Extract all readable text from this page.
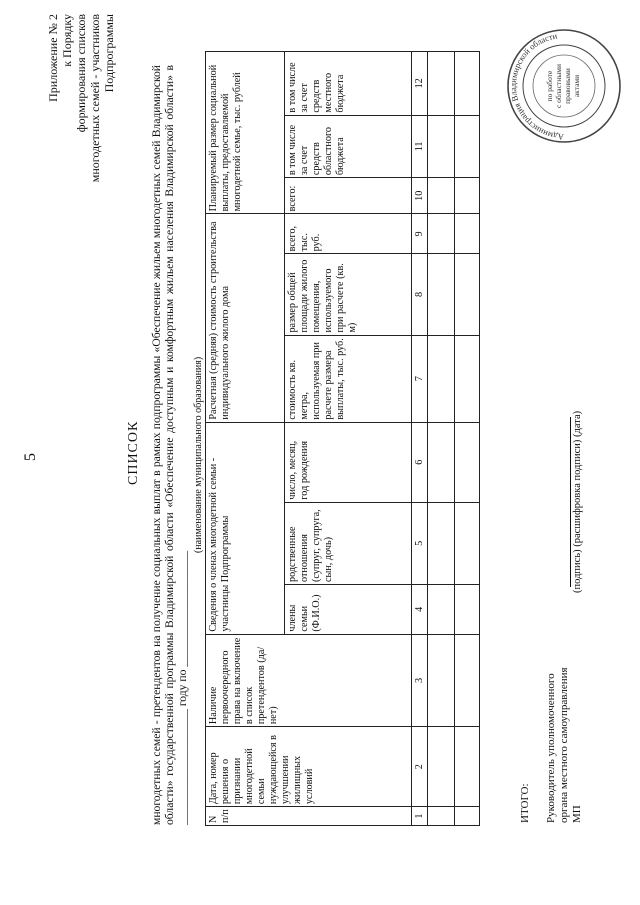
5
Приложение № 2 к Порядку формирования списков многодетных семей - участников Подпрограммы
СПИСОК многодетных семей - претендентов на получение социальных выплат в рамках подпрограммы «Обеспечение жильем многодетных семей Владимирской области» государственной программы Владимирской области «Обеспечение доступным и комфортным жильем населения Владимирской области» в ____________________ году по ____________________
(наименование муниципального образования)
N п/п	Дата, номер решения о признании многодетной семьи нуждающейся в улучшении жилищных условий	Наличие первоочередного права на включение в список претендентов (да/ нет)	Сведения о членах многодетной семьи - участницы Подпрограммы			Расчетная (средняя) стоимость строительства индивидуального жилого дома			Планируемый размер социальной выплаты, предоставляемой многодетной семье, тыс. рублей		
			члены семьи (Ф.И.О.)	родственные отношения (супруг, супруга, сын, дочь)	число, месяц, год рождения	стоимость кв. метра, используемая при расчете размера выплаты, тыс. руб.	размер общей площади жилого помещения, используемого при расчете (кв. м)	всего, тыс. руб.	всего:	в том числе за счет средств областного бюджета	в том числе за счет средств местного бюджета
1	2	3	4	5	6	7	8	9	10	11	12

ИТОГО: Руководитель уполномоченного органа местного самоуправления МП
(подпись) (расшифровка подписи) (дата)
Администрация Владимирской области
по работе с областными правовыми актами
